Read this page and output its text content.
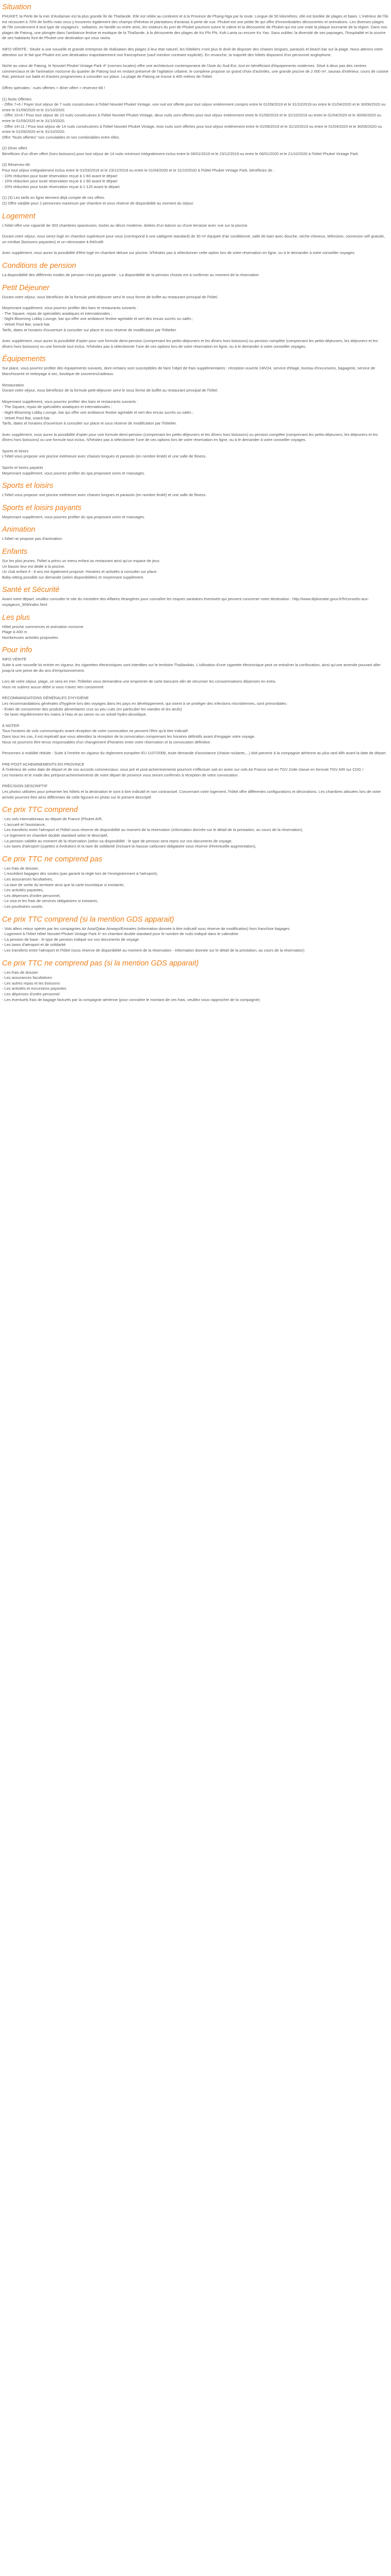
Situation

PHUKET, la Perle de la mer d'Andaman est la plus grande île de Thaïlande. Elle est reliée au continent et à la Province de Phang-Nga par la route. Longue de 50 kilomètres, elle est bordée de plages et baies. L'intérieur de l'île est recouvert à 70% de forêts mais vous y trouverez également des champs d'hévéas et plantations d'ananas à perte de vue. Phuket est une petite île qui offre d'innombrables découvertes et animations. Les diverses plages de l'île conviennent à tout type de voyageurs : solitaires, en famille ou entre amis, les visiteurs du port de Phuket pourront suivre le calme et la découverte de Phuket qui est une vraie la plaque tournante de la région. Dans nos plages de Patong, une plongée dans l'ambiance festive et exotique de la Thaïlande, à la découverte des plages de Ko Phi Phi, Koh Lanta ou encore Ko Yao. Sans oublier, la diversité de ses paysages, l'hospitalité et la sourire de ses habitants font de Phuket une destination qui vous ravira.

INFO VÉRITÉ : Située à une nouvelle et grande entreprise de réalisation des plages à leur état naturel, les hôteliers n'ont plus le droit de disposer des chaises longues, parasols et beach bar sur la plage. Nous attirons votre attention sur le fait que Phuket est une destination majoritairement non francophone (sauf mention contraire explicite). En revanche, la majorité des hôtels disposent d'un personnel anglophone.

Niché au cœur de Patong, le Novotel Phuket Vintage Park 4* (normes locales) offre une architecture contemporaine de l'Asie du Sud-Est, tout en bénéficiant d'équipements modernes. Situé à deux pas des centres commerciaux et de l'animation nocturne du quartier de Patong tout en restant préservé de l'agitation urbaine, le complexe propose un grand choix d'activités, une grande piscine de 2 000 m², saunas d'intérieur, cours de cuisine thaï, peinture sur batik et d'autres programmes à consulter sur place. La plage de Patong se trouve à 400 mètres de l'hôtel.

Offres spéciales : nuits offertes + dîner offert + réservez-tôt !

(1) Nuits Offertes
- Offre 7+6 / Payer tout séjour de 7 nuits consécutives à l'hôtel Novotel Phuket Vintage, une nuit est offerte pour tout séjour entièrement compris entre le 01/09/2019 et le 31/10/2019 ou entre le 01/04/2020 et le 30/06/2020 ou entre le 01/09/2020 et le 31/10/2020.
- Offre 10+8 / Pour tout séjour de 10 nuits consécutives à l'hôtel Novotel Phuket Vintage, deux nuits sont offertes pour tout séjour entièrement entre le 01/09/2019 et le 31/10/2019 ou entre le 01/04/2020 et le 30/06/2020 ou entre le 01/09/2020 et le 31/10/2020.
- Offre 14+11 / Pour tout séjour de 14 nuits consécutives à l'hôtel Novotel Phuket Vintage, trois nuits sont offertes pour tout séjour entièrement entre le 01/09/2019 et le 31/10/2019 ou entre le 01/04/2020 et le 30/06/2020 ou entre le 01/09/2020 et le 31/10/2020.
Offre "Nuits offertes" non cumulables et non combinables entre elles.

(2) Dîner offert
Bénéficiez d'un dîner offert (hors boissons) pour tout séjour de 14 nuits minimum intégralement inclus entre le 06/01/2019 et le 23/12/2019 ou entre le 06/01/2020 et le 21/10/2020 à l'hôtel Phuket Vintage Park

(3) Réservez-tôt
Pour tout séjour intégralement inclus entre le 01/03/2019 et le 23/12/2019 ou entre le 01/04/2020 et le 31/10/2020 à l'hôtel Phuket Vintage Park, bénéficiez de :
- 10% réduction pour toute réservation reçue à 1-60 avant le départ
- 15% réduction pour toute réservation reçue à 1-90 avant le départ
- 20% réduction pour toute réservation reçue à 1-120 avant le départ.

(1) (3) Les tarifs en ligne tiennent déjà compte de ces offres.
(2) Offre valable pour 2 personnes maximum par chambre et sous réserve de disponibilité au moment du séjour.

Logement

L'hôtel offre une capacité de 303 chambres spacieuses, toutes au décor moderne, dotées d'un balcon ou d'une terrasse avec vue sur la piscine.

Durant votre séjour, vous serez logé en chambre supérieure pour vous (correspond à une catégorie standard) de 30 m² équipée d'air conditionné, salle de bain avec douche, sèche-cheveux, télévision, connexion wifi gratuite, un minibar (boissons payantes) et un nécessaire à thé/café.

Avec supplément, vous aurez la possibilité d'être logé en chambre deluxe sur piscine. N'hésitez pas à sélectionner cette option lors de votre réservation en ligne, ou à le demander à votre conseiller voyages.

Conditions de pension

La disponibilité des différents modes de pension n'est pas garantie : La disponibilité de la pension choisie est à confirmer au moment de la réservation

Petit Déjeuner

Durant votre séjour, vous bénéficiez de la formule petit-déjeuner servi le sous forme de buffet au restaurant principal de l'hôtel.

Moyennant supplément, vous pourrez profiter des bars et restaurants suivants :
- The Square, repas de spécialités asiatiques et internationales ;
- Night Blooming Lobby Lounge, bar qui offre une ambiance festive agréable et sert des encas sucrés ou salés ;
- Velvet Pool Bar, snack-bar.
Tarifs, dates et horaires d'ouverture à consulter sur place et sous réserve de modification par l'hôtelier.

Avec supplément, vous aurez la possibilité d'opter pour une formule demi-pension (comprenant les petits-déjeuners et les dîners hors boissons) ou pension complète (comprenant les petits-déjeuners, les déjeuners et les dîners hors boissons) ou une formule tout inclus. N'hésitez pas à sélectionner l'une de ces options lors de votre réservation en ligne, ou à le demander à votre conseiller voyages.

Équipements

Sur place, vous pourrez profiter des équipements suivants, dont certains sont susceptibles de faire l'objet de frais supplémentaires : réception ouverte 24h/24, service d'étage, bureau d'excursions, bagagerie, service de blanchisserie et nettoyage à sec, boutique de souvenirs/cadeaux.

Restauration
Durant votre séjour, vous bénéficiez de la formule petit-déjeuner servi le sous forme de buffet au restaurant principal de l'hôtel.

Moyennant supplément, vous pourrez profiter des bars et restaurants suivants :
- The Square, repas de spécialités asiatiques et internationales ;
- Night Blooming Lobby Lounge, bar qui offre une ambiance festive agréable et sert des encas sucrés ou salés ;
- Velvet Pool Bar, snack-bar.
Tarifs, dates et horaires d'ouverture à consulter sur place et sous réserve de modification par l'hôtelier.

Avec supplément, vous aurez la possibilité d'opter pour une formule demi-pension (comprenant les petits-déjeuners et les dîners hors boissons) ou pension complète (comprenant les petits-déjeuners, les déjeuners et les dîners hors boissons) ou une formule tout inclus. N'hésitez pas à sélectionner l'une de ces options lors de votre réservation en ligne, ou à le demander à votre conseiller voyages.

Sports et loisirs
L'hôtel vous propose une piscine extérieure avec chaises longues et parasols (en nombre limité) et une salle de fitness.

Sports et loisirs payants
Moyennant supplément, vous pourrez profiter du spa proposant soins et massages.

Sports et loisirs

L'hôtel vous propose une piscine extérieure avec chaises longues et parasols (en nombre limité) et une salle de fitness.

Sports et loisirs payants

Moyennant supplément, vous pourrez profiter du spa proposant soins et massages.

Animation

L'hôtel ne propose pas d'animation.

Enfants

Sur les plus jeunes, l'hôtel a prévu un menu enfant au restaurant ainsi qu'un espace de jeux.
Un bassin leur est dédié à la piscine.
Un club enfant 4 - 8 ans est également proposé. Horaires et activités à consulter sur place.
Baby-sitting possible sur demande (selon disponibilités) et moyennant supplément.

Santé et Sécurité

Avant votre départ, veuillez consulter le site du ministère des Affaires étrangères pour connaître les risques sanitaires éventuels qui peuvent concerner votre destination : http://www.diplomatie.gouv.fr/fr/conseils-aux-voyageurs_909/index.html

Les plus

Hôtel proche commerces et animation nocturne
Plage à 400 m
Nombreuses activités proposées

Pour info

INFO VÉRITÉ
Suite à une nouvelle loi entrée en vigueur, les cigarettes électroniques sont interdites sur le territoire Thaïlandais. L'utilisation d'une cigarette électronique peut se entraîner la confiscation, ainsi qu'une amende pouvant aller jusqu'à une peine de dix ans d'emprisonnement.

Lors de votre séjour, plage, ce sera en mer, l'hôtelier vous demandera une empreinte de carte bancaire afin de sécuriser les consommations dépenses en extra.
Vous ne subirez aucun débit si vous n'avez rien consommé.

RECOMMANDATIONS GÉNÉRALES D'HYGIÈNE
Les recommandations générales d'hygiène lors des voyages dans les pays en développement, qui visent à se protéger des infections microbiennes, sont primordiales :
- Éviter de consommer des produits alimentaires crus ou peu cuits (en particulier les viandes et les œufs)
- Se laver régulièrement les mains à l'eau et au savon ou un soluté hydro-alcoolique.

À NOTER
Tous horaires de vols communiqués avant réception de votre convocation ne peuvent l'être qu'à titre indicatif.
Dans tous les cas, il est impératif que vous attendiez la réception de la convocation comprenant les horaires définitifs avant d'engager votre voyage.
Nous ne pourrons être tenus responsables d'un changement d'horaires entre votre réservation et la convocation définitive.

Personnes à mobilité réduite : Suite à l'entrée en vigueur du règlement européen EU 1107/2006, toute demande d'assistance (chaise roulante,...) doit parvenir à la compagnie aérienne au plus tard 48h avant la date de départ.

PRE-POST ACHEMINEMENTS EN PROVINCE
À l'intérieur de votre date de départ et de vos accords commerciaux, vous pré et post-acheminements pourront s'effectuer soit en avion sur vols Air France soit en TGV 2nde classe en formule TGV AIR sur CDG !
Les horaires et le mode des pré/post-acheminements de votre départ de province vous seront confirmés à réception de votre convocation.

PRÉCISION DESCRIPTIF
Les photos utilisées pour présenter les hôtels et la destination le sont à titre indicatif et non contractuel. Concernant votre logement, l'hôtel offre différentes configurations et décorations. Les chambres allouées lors de votre arrivée pourront être ainsi différentes de celle figurant en photo sur le présent descriptif.

Ce prix TTC comprend

- Les vols internationaux au départ de France (Phuket A/R,
- L'accueil et l'assistance,
- Les transferts entre l'aéroport et l'hôtel sous réserve de disponibilité au moment de la réservation (information donnée sur le détail de la prestation, au cours de la réservation),
- Le logement en chambre double standard selon le descriptif,
- La pension validée au moment de la réservation (selon sa disponibilité : le type de pension sera repris sur vos documents de voyage,
- Les taxes d'aéroport (sujettes à évolution) et la taxe de solidarité (incluant la hausse carburant obligatoire sous réserve d'éventuelle augmentation),

Ce prix TTC ne comprend pas

- Les frais de dossier,
- L'excédent bagages des soutes (pas garanti la règle lors de l'enregistrement à l'aéroport),
- Les assurances facultatives,
- La taxe de sortie du territoire ainsi que la carte touristique si existante,
- Les activités payantes,
- Les dépenses d'ordre personnel,
- Le visa et les frais de services obligatoires si existants,
- Les pourboires usuels.

Ce prix TTC comprend (si la mention GDS apparait)

- Vols allers retour opérés par les compagnies Air Asia/Qatar Airways/Emirates (information donnée à titre indicatif sous réserve de modification) hors franchise bagages
- Logement à l'hôtel Hôtel Novotel Phuket Vintage Park 4* en chambre double standard pour le nombre de nuits indiqué dans le calendrier
- La pension de base : le type de pension indiqué sur vos documents de voyage
- Les taxes d'aéroport et de solidarité
- Les transferts entre l'aéroport et l'hôtel (sous réserve de disponibilité au moment de la réservation - information donnée sur le détail de la prestation, au cours de la réservation)

Ce prix TTC ne comprend pas (si la mention GDS apparait)

- Les frais de dossier
- Les assurances facultatives
- Les autres repas et les boissons
- Les activités et excursions payantes
- Les dépenses d'ordre personnel
- Les éventuels frais de bagage facturés par la compagnie aérienne (pour connaître le montant de ces frais, veuillez vous rapprocher de la compagnie)
